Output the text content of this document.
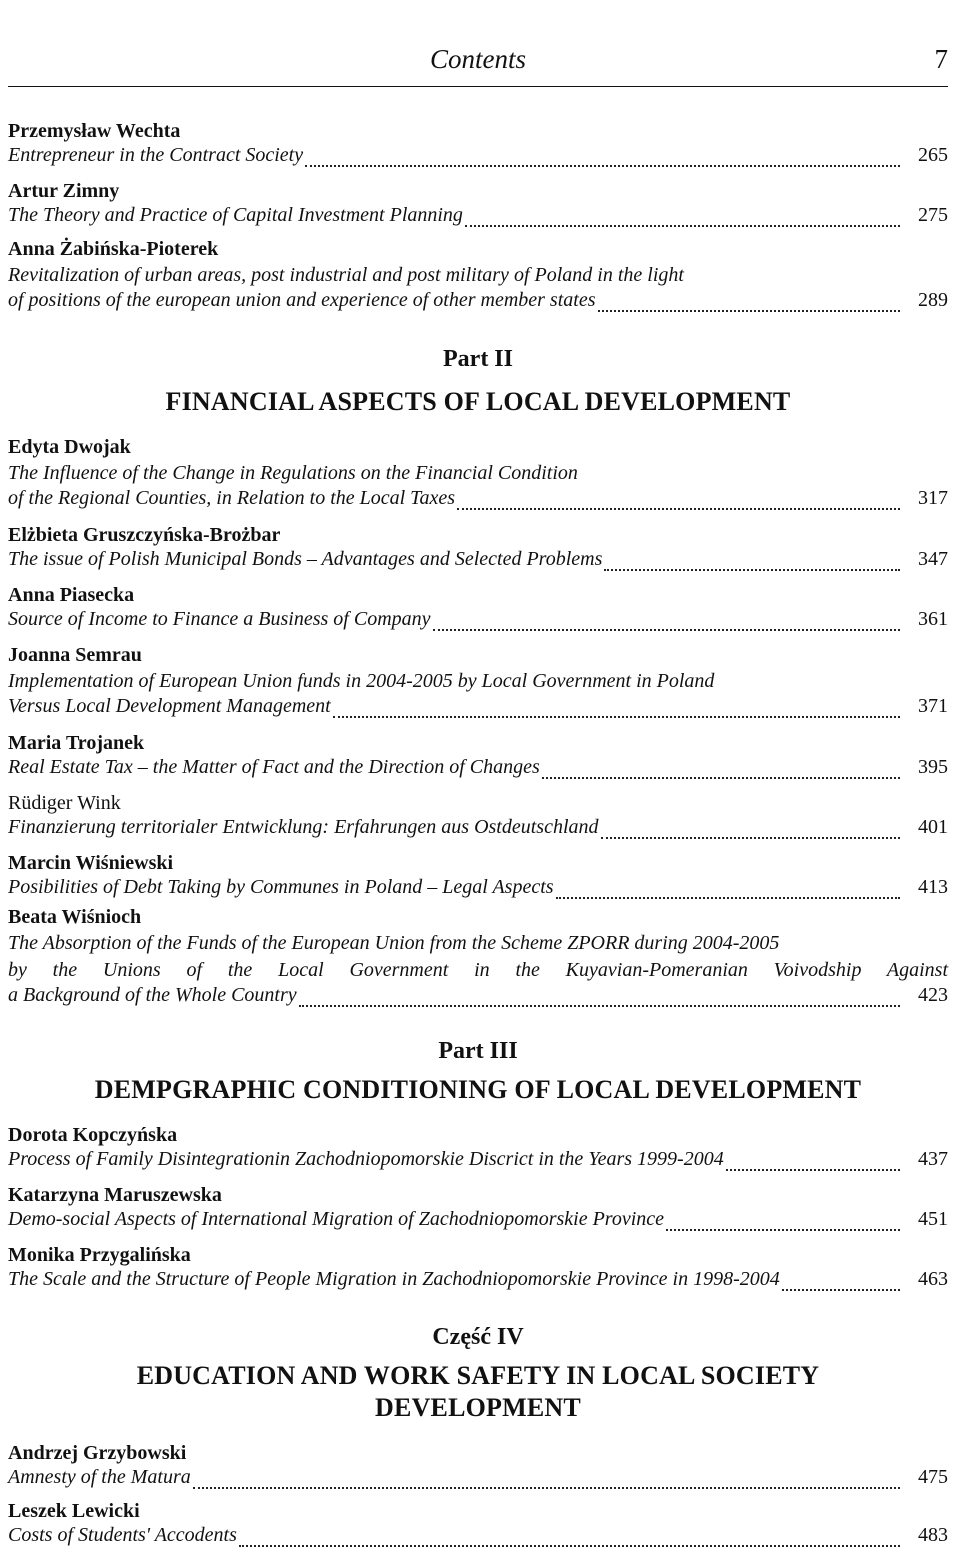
Contents	7
Przemysław Wechta
Entrepreneur in the Contract Society	265
Artur Zimny
The Theory and Practice of Capital Investment Planning	275
Anna Żabińska-Pioterek
Revitalization of urban areas, post industrial and post military of Poland in the light
of positions of the european union and experience of other member states	289
Part II
FINANCIAL ASPECTS OF LOCAL DEVELOPMENT
Edyta Dwojak
The Influence of the Change in Regulations on the Financial Condition
of the Regional Counties, in Relation to the Local Taxes	317
Elżbieta Gruszczyńska-Brożbar
The issue of Polish Municipal Bonds – Advantages and Selected Problems	347
Anna Piasecka
Source of Income to Finance a Business of Company	361
Joanna Semrau
Implementation of European Union funds in 2004-2005 by Local Government in Poland
Versus Local Development Management	371
Maria Trojanek
Real Estate Tax – the Matter of Fact and the Direction of Changes	395
Rüdiger Wink
Finanzierung territorialer Entwicklung: Erfahrungen aus Ostdeutschland	401
Marcin Wiśniewski
Posibilities of Debt Taking by Communes in Poland – Legal Aspects	413
Beata Wiśnioch
The Absorption of the Funds of the European Union from the Scheme ZPORR during 2004-2005
by the Unions of the Local Government in the Kuyavian-Pomeranian Voivodship Against
a Background of the Whole Country	423
Part III
DEMPGRAPHIC CONDITIONING OF LOCAL DEVELOPMENT
Dorota Kopczyńska
Process of Family Disintegrationin Zachodniopomorskie Discrict in the Years 1999-2004	437
Katarzyna Maruszewska
Demo-social Aspects of International Migration of Zachodniopomorskie Province	451
Monika Przygalińska
The Scale and the Structure of People Migration in Zachodniopomorskie Province in 1998-2004	463
Część IV
EDUCATION AND WORK SAFETY IN LOCAL SOCIETY
DEVELOPMENT
Andrzej Grzybowski
Amnesty of the Matura	475
Leszek Lewicki
Costs of Students' Accodents	483
